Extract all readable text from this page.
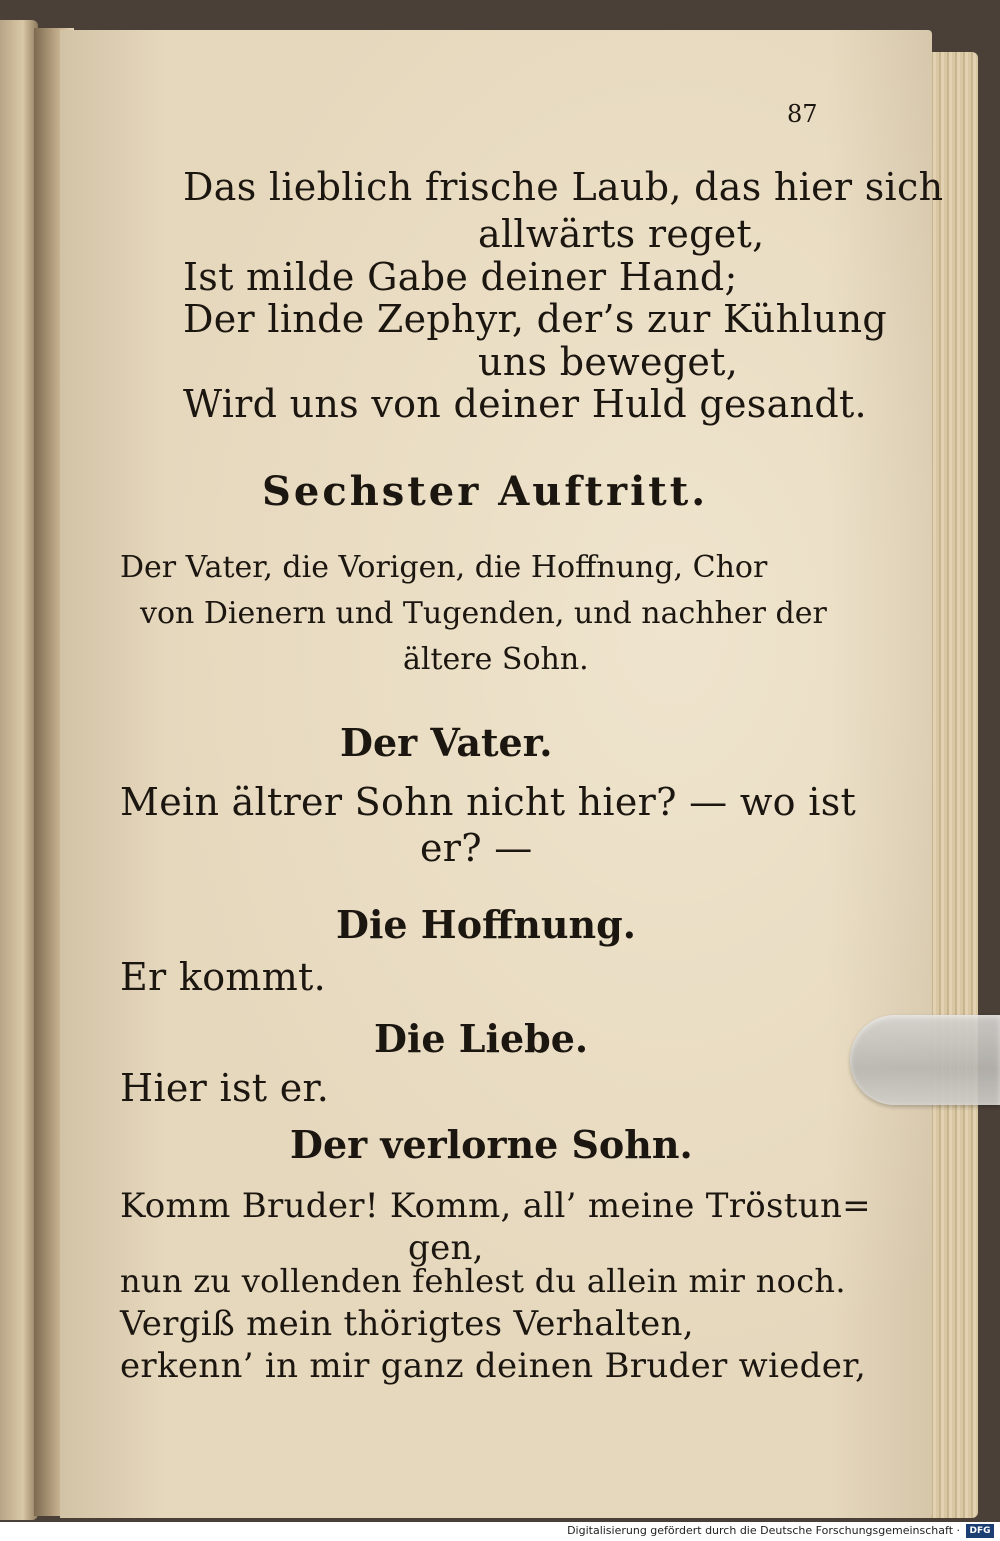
87
Das lieblich frische Laub, das hier sich
allwärts reget,
Ist milde Gabe deiner Hand;
Der linde Zephyr, der’s zur Kühlung
uns beweget,
Wird uns von deiner Huld gesandt.
Sechster Auftritt.
Der Vater, die Vorigen, die Hoffnung, Chor
von Dienern und Tugenden, und nachher der
ältere Sohn.
Der Vater.
Mein ältrer Sohn nicht hier? — wo ist
er? —
Die Hoffnung.
Er kommt.
Die Liebe.
Hier ist er.
Der verlorne Sohn.
Komm Bruder! Komm, all’ meine Tröstun=
gen,
nun zu vollenden fehlest du allein mir noch.
Vergiß mein thörigtes Verhalten,
erkenn’ in mir ganz deinen Bruder wieder,
Digitalisierung gefördert durch die Deutsche Forschungsgemeinschaft ·	DFG
